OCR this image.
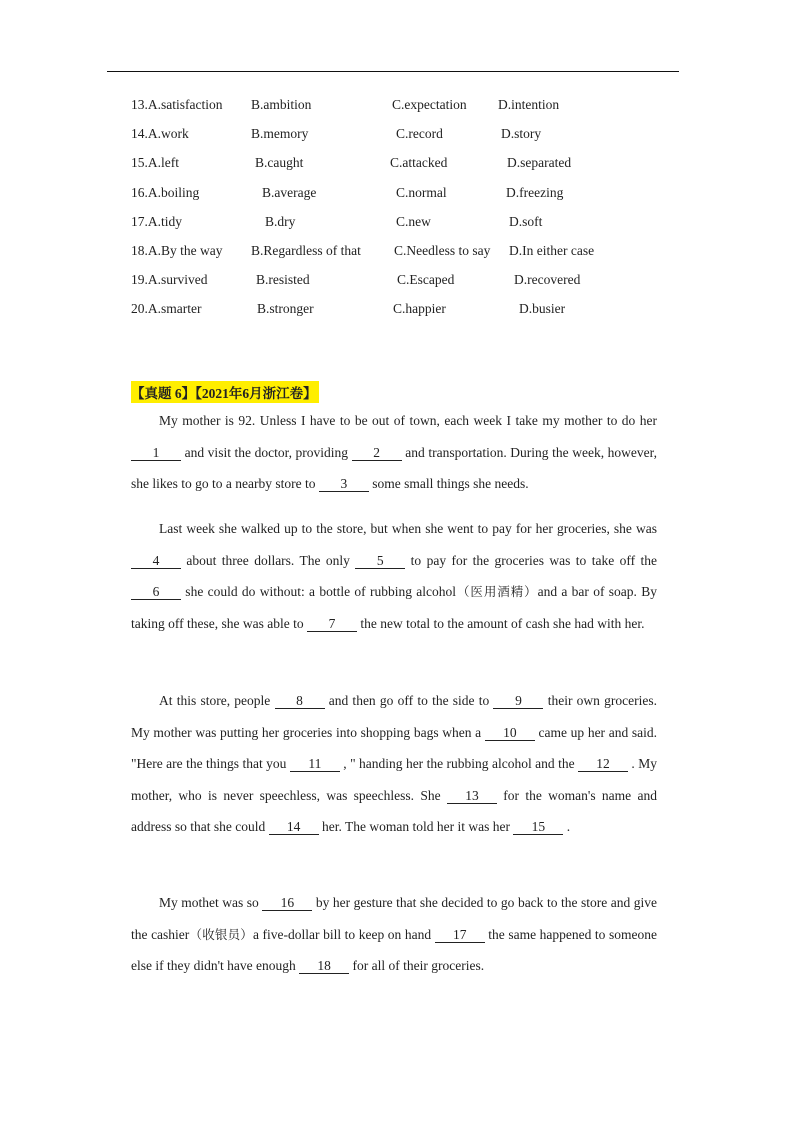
13.A.satisfaction B.ambition	C.expectation D.intention
14.A.work	B.memory	C.record	D.story
15.A.left	B.caught	C.attacked	D.separated
16.A.boiling	B.average	C.normal	D.freezing
17.A.tidy	B.dry	C.new	D.soft
18.A.By the way B.Regardless of that C.Needless to say D.In either case
19.A.survived	B.resisted	C.Escaped	D.recovered
20.A.smarter	B.stronger	C.happier	D.busier
【真题 6】【2021年6月浙江卷】

My mother is 92. Unless I have to be out of town, each week I take my mother to do her 1 and visit the doctor, providing 2 and transportation. During the week, however, she likes to go to a nearby store to 3 some small things she needs.

Last week she walked up to the store, but when she went to pay for her groceries, she was 4 about three dollars. The only 5 to pay for the groceries was to take off the 6 she could do without: a bottle of rubbing alcohol（医用酒精）and a bar of soap. By taking off these, she was able to 7 the new total to the amount of cash she had with her.

At this store, people 8 and then go off to the side to 9 their own groceries. My mother was putting her groceries into shopping bags when a 10 came up her and said. "Here are the things that you 11 , " handing her the rubbing alcohol and the 12 . My mother, who is never speechless, was speechless. She 13 for the woman's name and address so that she could 14 her. The woman told her it was her 15 .

My mothet was so 16 by her gesture that she decided to go back to the store and give the cashier（收银员）a five-dollar bill to keep on hand 17 the same happened to someone else if they didn't have enough 18 for all of their groceries.
